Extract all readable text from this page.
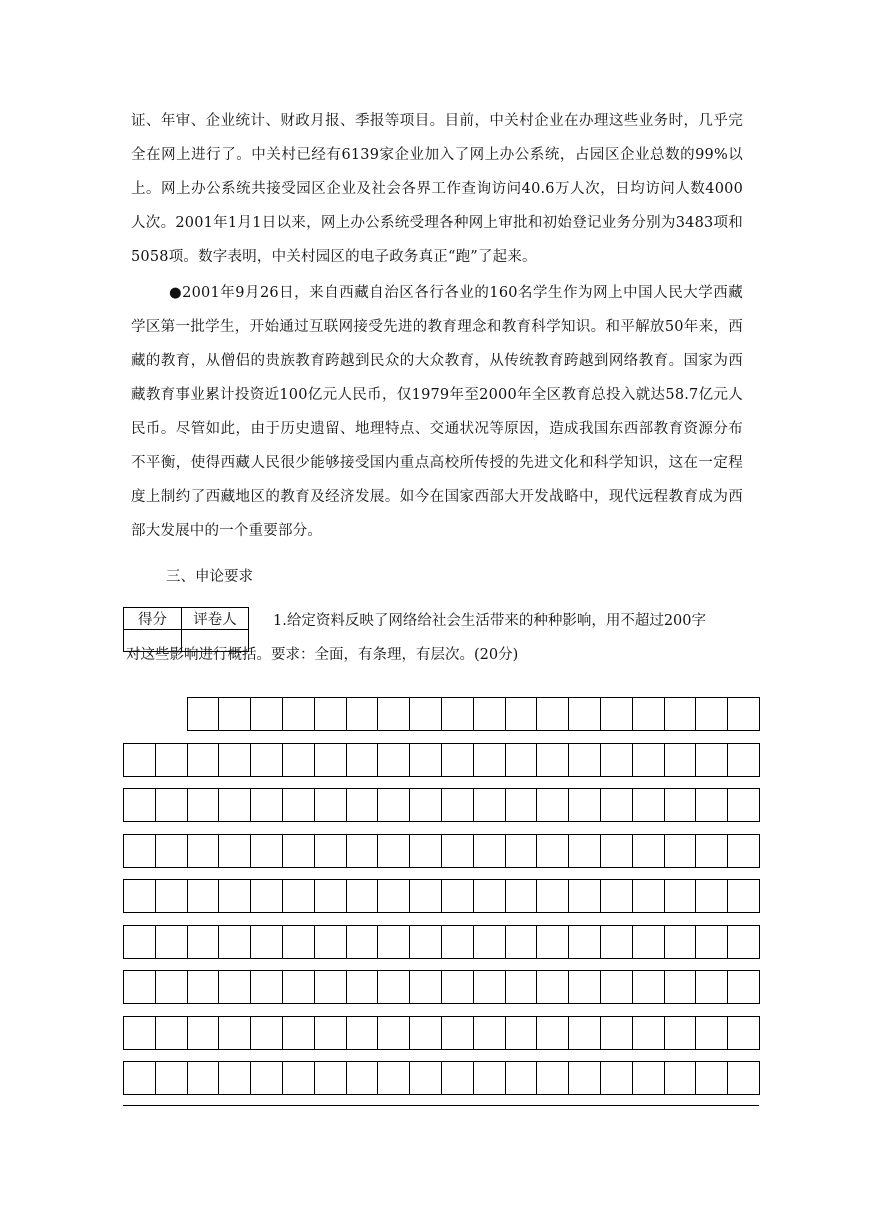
证、年审、企业统计、财政月报、季报等项目。目前，中关村企业在办理这些业务时，几乎完全在网上进行了。中关村已经有6139家企业加入了网上办公系统，占园区企业总数的99%以上。网上办公系统共接受园区企业及社会各界工作查询访问40.6万人次，日均访问人数4000人次。2001年1月1日以来，网上办公系统受理各种网上审批和初始登记业务分别为3483项和5058项。数字表明，中关村园区的电子政务真正“跑”了起来。
●2001年9月26日，来自西藏自治区各行各业的160名学生作为网上中国人民大学西藏学区第一批学生，开始通过互联网接受先进的教育理念和教育科学知识。和平解放50年来，西藏的教育，从僧侣的贵族教育跨越到民众的大众教育，从传统教育跨越到网络教育。国家为西藏教育事业累计投资近100亿元人民币，仅1979年至2000年全区教育总投入就达58.7亿元人民币。尽管如此，由于历史遗留、地理特点、交通状况等原因，造成我国东西部教育资源分布不平衡，使得西藏人民很少能够接受国内重点高校所传授的先进文化和科学知识，这在一定程度上制约了西藏地区的教育及经济发展。如今在国家西部大开发战略中，现代远程教育成为西部大发展中的一个重要部分。
三、申论要求
得分	评卷人
		1.给定资料反映了网络给社会生活带来的种种影响，用不超过200字
对这些影响进行概括。要求：全面，有条理，有层次。(20分)
